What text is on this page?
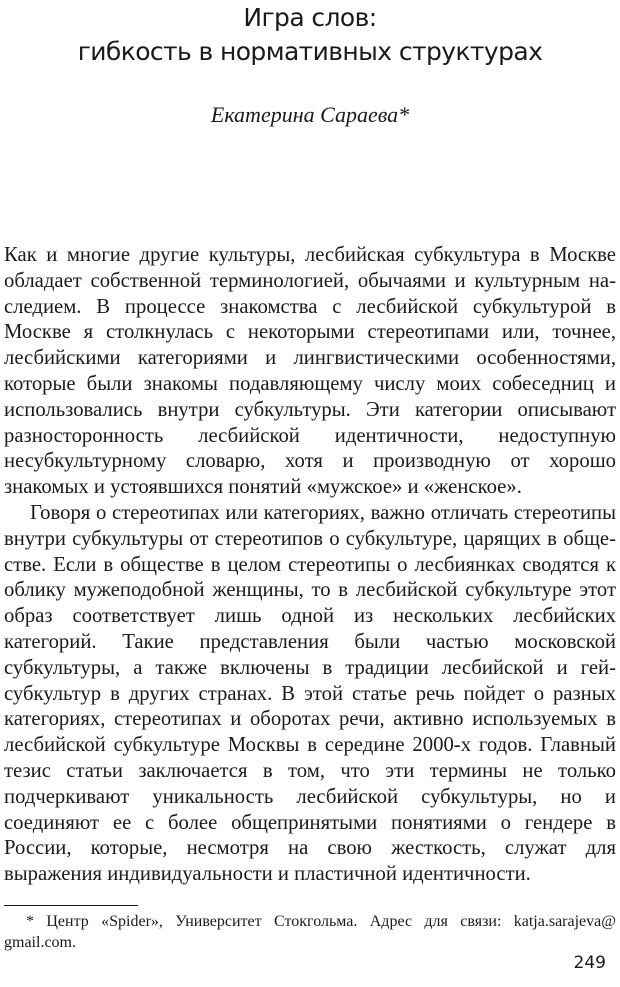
Игра слов:
гибкость в нормативных структурах
Екатерина Сараева*

Как и многие другие культуры, лесбийская субкультура в Москве обладает собственной терминологией, обычаями и культурным наследием. В процессе знакомства с лесбийской субкультурой в Москве я столкнулась с некоторыми стереотипами или, точнее, лесбийскими категориями и лингвистическими особенностями, которые были знакомы подавляющему числу моих собеседниц и использовались внутри субкультуры. Эти категории описывают разносторонность лесбийской идентичности, недоступную несубкультурному словарю, хотя и производную от хорошо знакомых и устоявшихся понятий «мужское» и «женское».

Говоря о стереотипах или категориях, важно отличать стереотипы внутри субкультуры от стереотипов о субкультуре, царящих в обществе. Если в обществе в целом стереотипы о лесбиянках сводятся к облику мужеподобной женщины, то в лесбийской субкультуре этот образ соответствует лишь одной из нескольких лесбийских категорий. Такие представления были частью московской субкультуры, а также включены в традиции лесбийской и гей-субкультур в других странах. В этой статье речь пойдет о разных категориях, стереотипах и оборотах речи, активно используемых в лесбийской субкультуре Москвы в середине 2000-х годов. Главный тезис статьи заключается в том, что эти термины не только подчеркивают уникальность лесбийской субкультуры, но и соединяют ее с более общепринятыми понятиями о гендере в России, которые, несмотря на свою жесткость, служат для выражения индивидуальности и пластичной идентичности.

* Центр «Spider», Университет Стокгольма. Адрес для связи: katja.sarajeva@ gmail.com.

249
